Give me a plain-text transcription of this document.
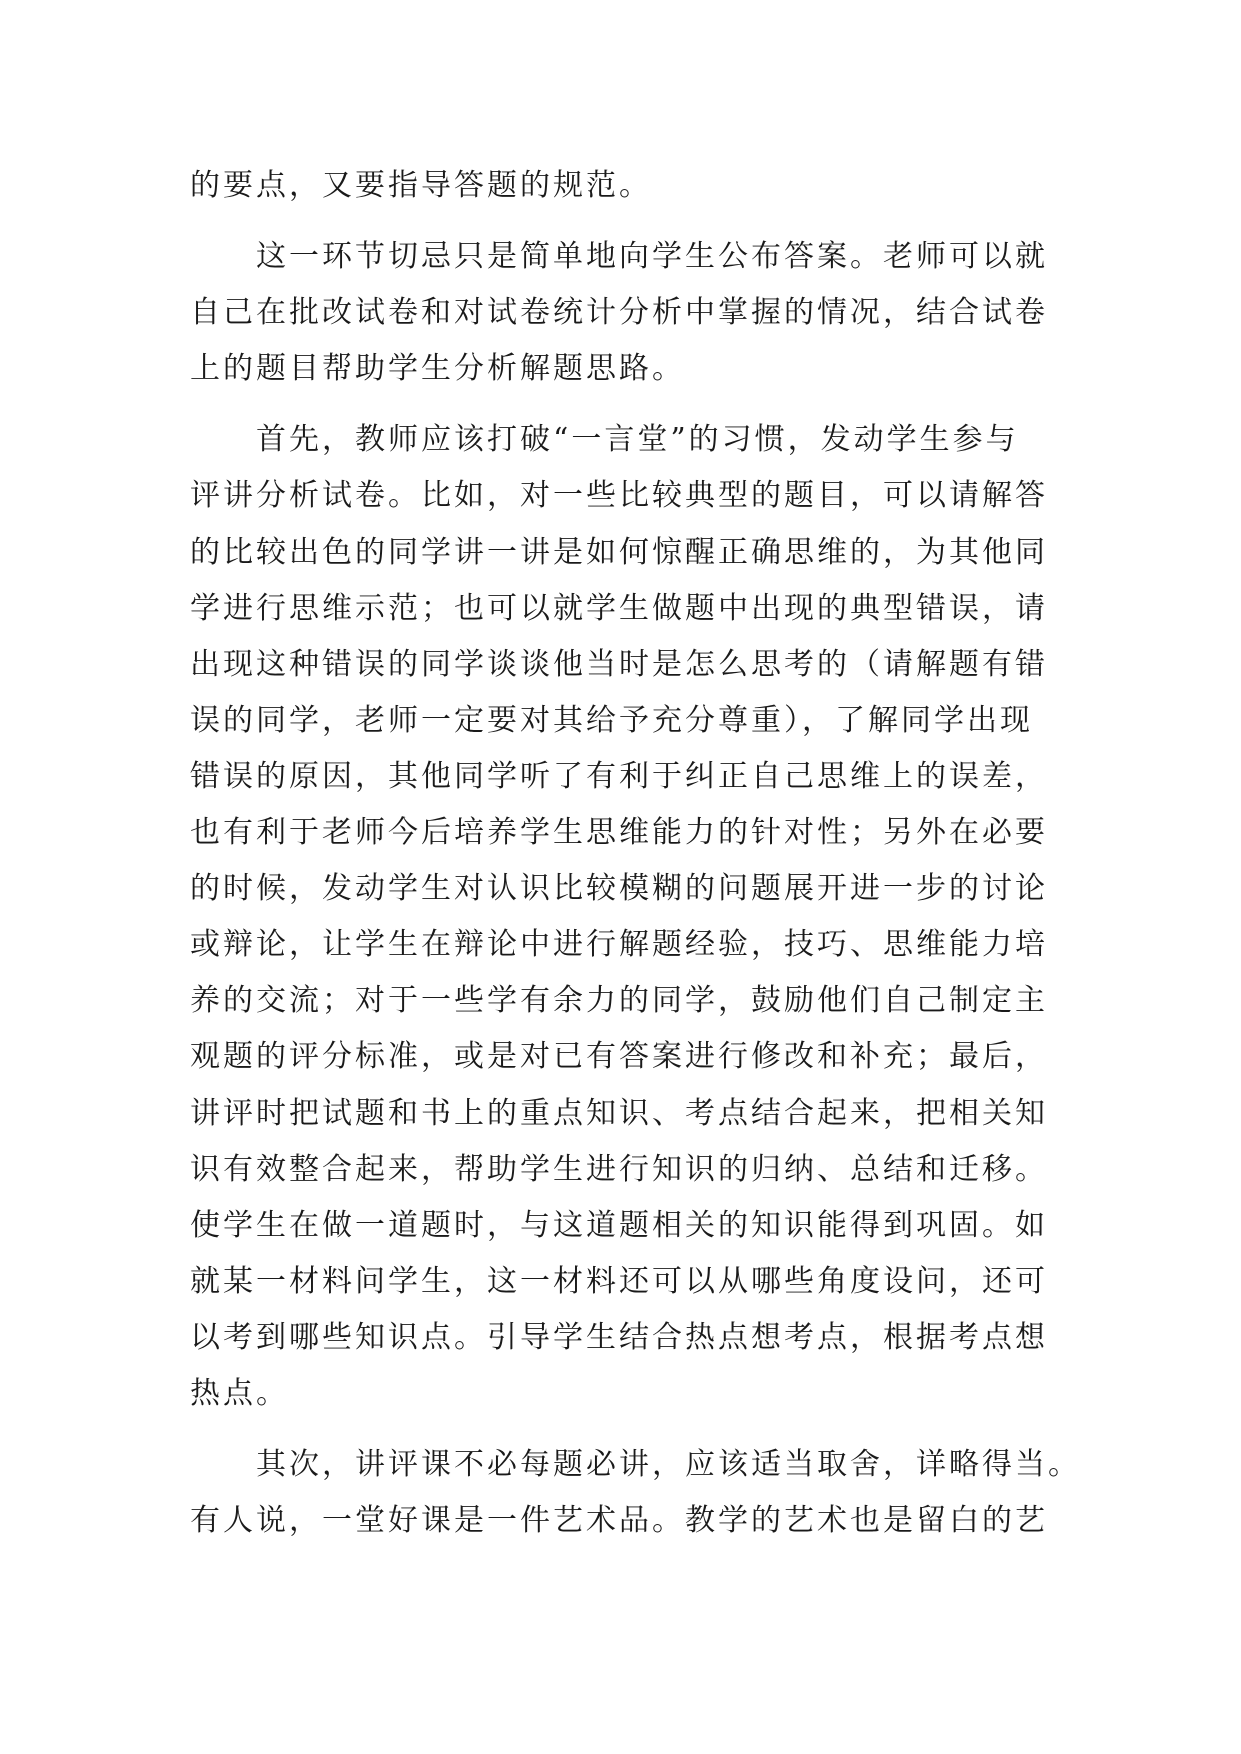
的要点，又要指导答题的规范。
　　这一环节切忌只是简单地向学生公布答案。老师可以就
自己在批改试卷和对试卷统计分析中掌握的情况，结合试卷
上的题目帮助学生分析解题思路。
　　首先，教师应该打破“一言堂”的习惯，发动学生参与
评讲分析试卷。比如，对一些比较典型的题目，可以请解答
的比较出色的同学讲一讲是如何惊醒正确思维的，为其他同
学进行思维示范；也可以就学生做题中出现的典型错误，请
出现这种错误的同学谈谈他当时是怎么思考的（请解题有错
误的同学，老师一定要对其给予充分尊重），了解同学出现
错误的原因，其他同学听了有利于纠正自己思维上的误差，
也有利于老师今后培养学生思维能力的针对性；另外在必要
的时候，发动学生对认识比较模糊的问题展开进一步的讨论
或辩论，让学生在辩论中进行解题经验，技巧、思维能力培
养的交流；对于一些学有余力的同学，鼓励他们自己制定主
观题的评分标准，或是对已有答案进行修改和补充；最后，
讲评时把试题和书上的重点知识、考点结合起来，把相关知
识有效整合起来，帮助学生进行知识的归纳、总结和迁移。
使学生在做一道题时，与这道题相关的知识能得到巩固。如
就某一材料问学生，这一材料还可以从哪些角度设问，还可
以考到哪些知识点。引导学生结合热点想考点，根据考点想
热点。
　　其次，讲评课不必每题必讲，应该适当取舍，详略得当。
有人说，一堂好课是一件艺术品。教学的艺术也是留白的艺
